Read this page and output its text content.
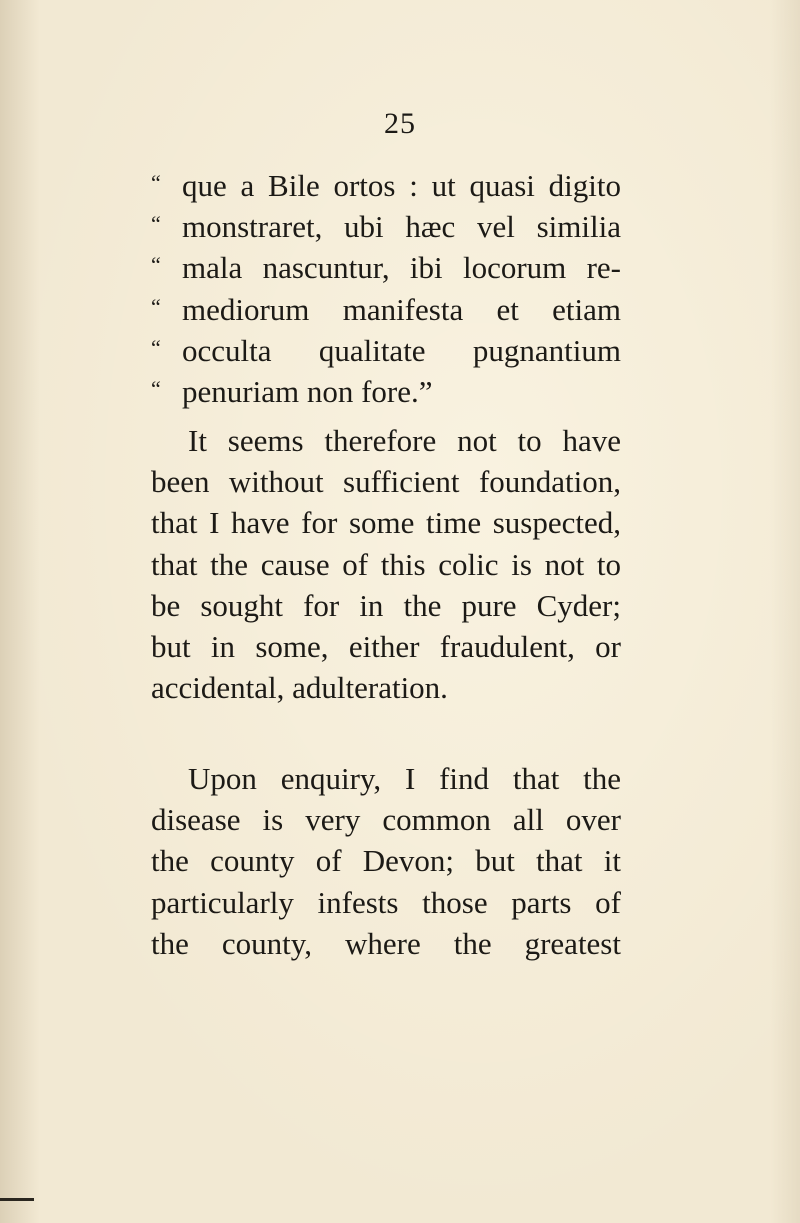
25
“ que a Bile ortos : ut quasi digito
“ monstraret, ubi hæc vel similia
“ mala nascuntur, ibi locorum re-
“ mediorum manifesta et etiam
“ occulta qualitate pugnantium
“ penuriam non fore.”
It seems therefore not to have
been without sufficient foundation,
that I have for some time suspected,
that the cause of this colic is not to
be sought for in the pure Cyder;
but in some, either fraudulent, or
accidental, adulteration.
Upon enquiry, I find that the
disease is very common all over
the county of Devon; but that it
particularly infests those parts of
the county, where the greatest
